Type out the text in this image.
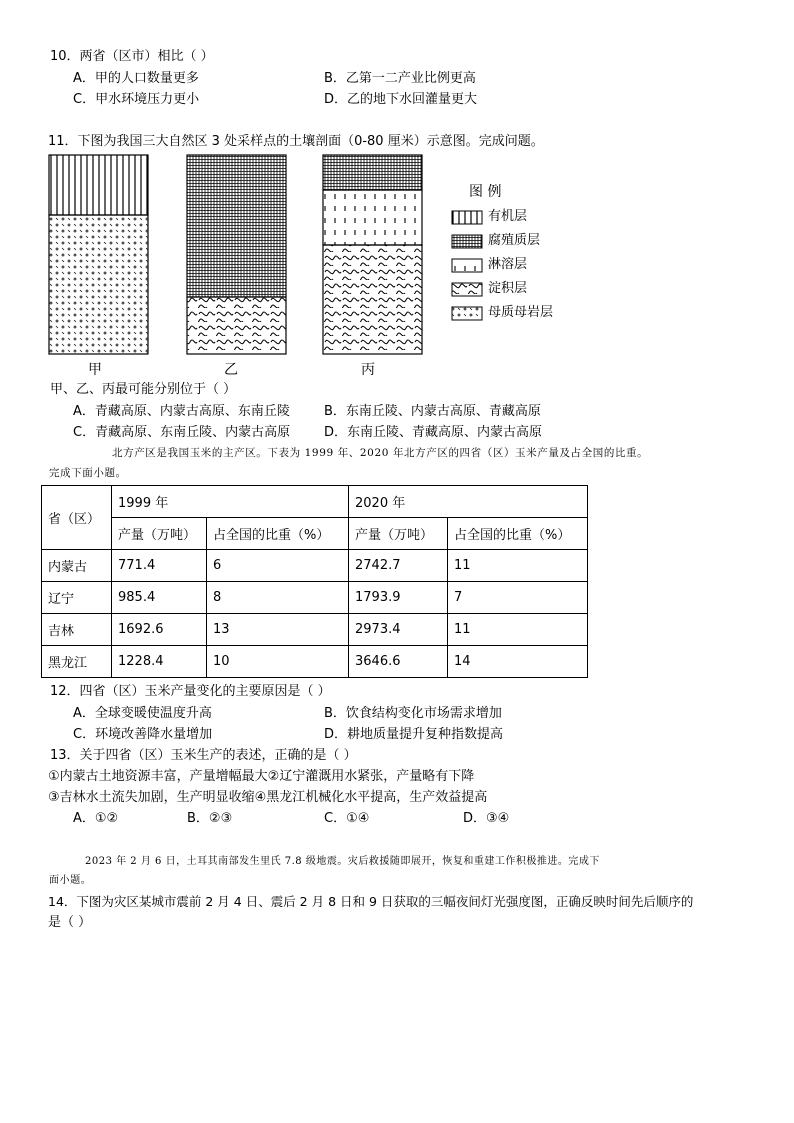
10．两省（区市）相比（ ）
A．甲的人口数量更多	B．乙第一二产业比例更高
C．甲水环境压力更小	D．乙的地下水回灌量更大
11．下图为我国三大自然区 3 处采样点的土壤剖面（0-80 厘米）示意图。完成问题。
甲	乙	丙
图 例
有机层
腐殖质层
淋溶层
淀积层
母质母岩层
甲、乙、丙最可能分别位于（ ）
A．青藏高原、内蒙古高原、东南丘陵	B．东南丘陵、内蒙古高原、青藏高原
C．青藏高原、东南丘陵、内蒙古高原	D．东南丘陵、青藏高原、内蒙古高原
北方产区是我国玉米的主产区。下表为 1999 年、2020 年北方产区的四省（区）玉米产量及占全国的比重。
完成下面小题。
省（区）	1999 年		2020 年	
	产量（万吨）	占全国的比重（%）	产量（万吨）	占全国的比重（%）
内蒙古	771.4	6	2742.7	11
辽宁	985.4	8	1793.9	7
吉林	1692.6	13	2973.4	11
黑龙江	1228.4	10	3646.6	14
12．四省（区）玉米产量变化的主要原因是（ ）
A．全球变暖使温度升高	B．饮食结构变化市场需求增加
C．环境改善降水量增加	D．耕地质量提升复种指数提高
13．关于四省（区）玉米生产的表述，正确的是（ ）
①内蒙古土地资源丰富，产量增幅最大②辽宁灌溉用水紧张，产量略有下降
③吉林水土流失加剧，生产明显收缩④黑龙江机械化水平提高，生产效益提高
A．①②	B．②③	C．①④	D．③④
2023 年 2 月 6 日，土耳其南部发生里氏 7.8 级地震。灾后救援随即展开，恢复和重建工作积极推进。完成下
面小题。
14．下图为灾区某城市震前 2 月 4 日、震后 2 月 8 日和 9 日获取的三幅夜间灯光强度图，正确反映时间先后顺序的
是（ ）
